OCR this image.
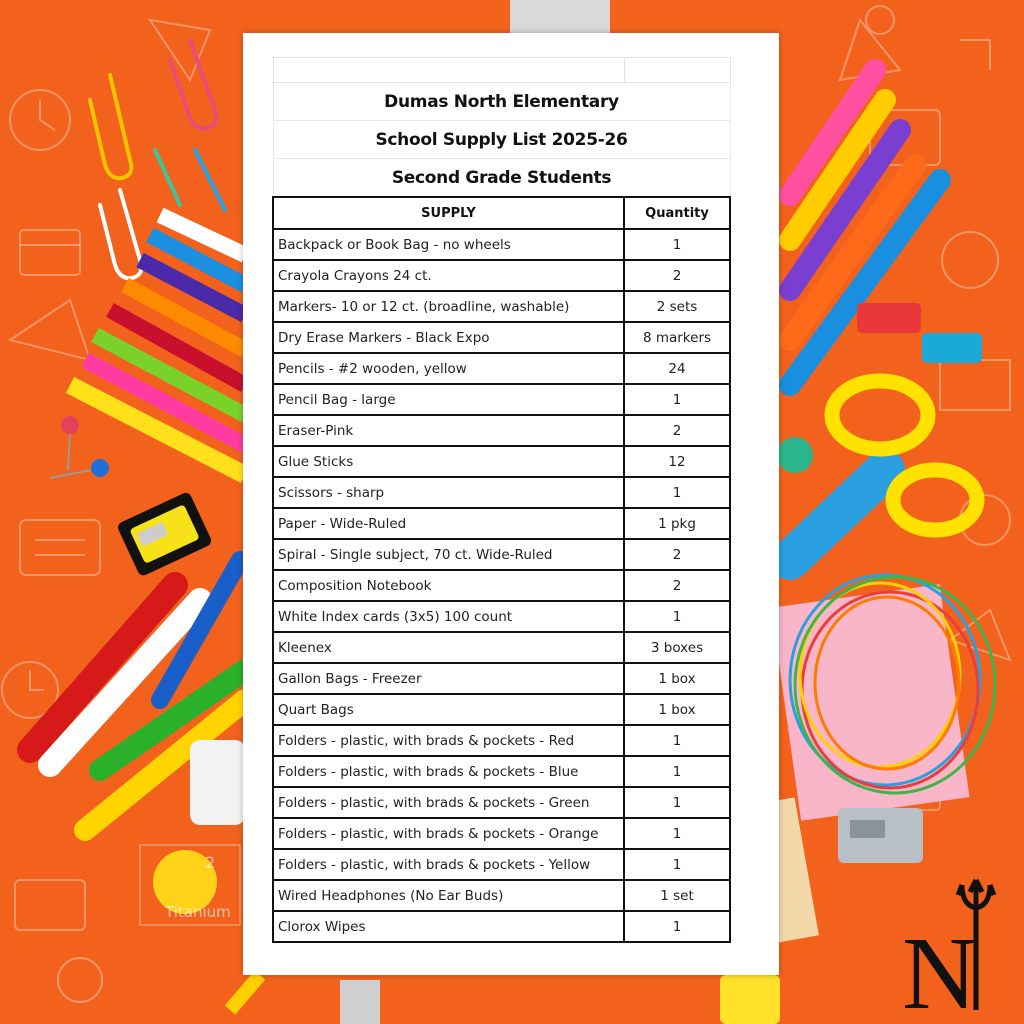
Titanium
2

Dumas North Elementary	
School Supply List 2025-26	
Second Grade Students	
SUPPLY	Quantity
Backpack or Book Bag - no wheels	1
Crayola Crayons 24 ct.	2
Markers- 10 or 12 ct. (broadline, washable)	2 sets
Dry Erase Markers - Black Expo	8 markers
Pencils - #2 wooden, yellow	24
Pencil Bag - large	1
Eraser-Pink	2
Glue Sticks	12
Scissors - sharp	1
Paper - Wide-Ruled	1 pkg
Spiral - Single subject, 70 ct. Wide-Ruled	2
Composition Notebook	2
White Index cards (3x5) 100 count	1
Kleenex	3 boxes
Gallon Bags - Freezer	1 box
Quart Bags	1 box
Folders - plastic, with brads & pockets - Red	1
Folders - plastic, with brads & pockets - Blue	1
Folders - plastic, with brads & pockets - Green	1
Folders - plastic, with brads & pockets - Orange	1
Folders - plastic, with brads & pockets - Yellow	1
Wired Headphones (No Ear Buds)	1 set
Clorox Wipes	1 N
